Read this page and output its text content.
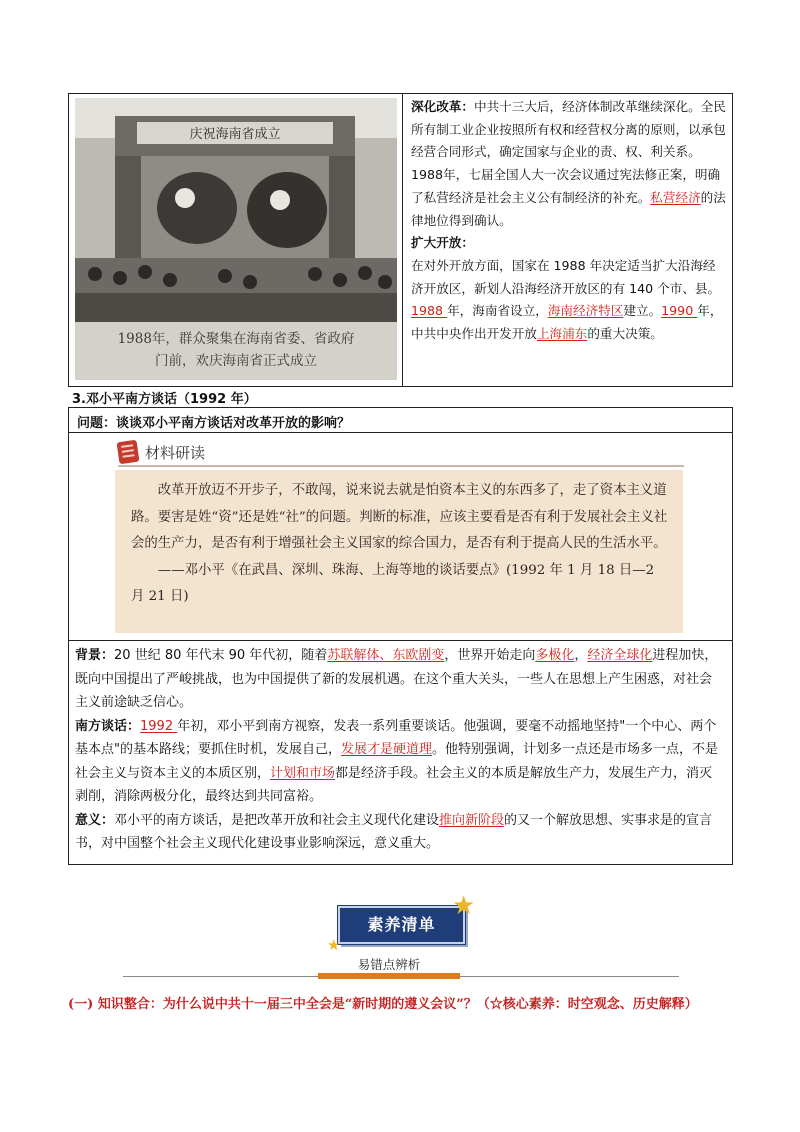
庆祝海南省成立
1988年，群众聚集在海南省委、省政府
门前，欢庆海南省正式成立
深化改革：中共十三大后，经济体制改革继续深化。全民所有制工业企业按照所有权和经营权分离的原则，以承包经营合同形式，确定国家与企业的责、权、利关系。1988年，七届全国人大一次会议通过宪法修正案，明确了私营经济是社会主义公有制经济的补充。私营经济的法律地位得到确认。
扩大开放：
在对外开放方面，国家在 1988 年决定适当扩大沿海经济开放区，新划人沿海经济开放区的有 140 个市、县。1988 年，海南省设立，海南经济特区建立。1990 年，中共中央作出开发开放上海浦东的重大决策。
3.邓小平南方谈话（1992 年）
问题：谈谈邓小平南方谈话对改革开放的影响？
材料研读

改革开放迈不开步子，不敢闯，说来说去就是怕资本主义的东西多了，走了资本主义道路。要害是姓“资”还是姓“社”的问题。判断的标准，应该主要看是否有利于发展社会主义社会的生产力，是否有利于增强社会主义国家的综合国力，是否有利于提高人民的生活水平。

——邓小平《在武昌、深圳、珠海、上海等地的谈话要点》(1992 年 1 月 18 日—2 月 21 日)

背景：20 世纪 80 年代末 90 年代初，随着苏联解体、东欧剧变，世界开始走向多极化，经济全球化进程加快，既向中国提出了严峻挑战，也为中国提供了新的发展机遇。在这个重大关头，一些人在思想上产生困惑，对社会主义前途缺乏信心。

南方谈话：1992 年初，邓小平到南方视察，发表一系列重要谈话。他强调，要毫不动摇地坚持"一个中心、两个基本点"的基本路线；要抓住时机，发展自己，发展才是硬道理。他特别强调，计划多一点还是市场多一点，不是社会主义与资本主义的本质区别，计划和市场都是经济手段。社会主义的本质是解放生产力，发展生产力，消灭剥削，消除两极分化，最终达到共同富裕。

意义：邓小平的南方谈话，是把改革开放和社会主义现代化建设推向新阶段的又一个解放思想、实事求是的宣言书，对中国整个社会主义现代化建设事业影响深远，意义重大。

素养清单
★
★
易错点辨析
(一) 知识整合：为什么说中共十一届三中全会是“新时期的遵义会议”？（☆核心素养：时空观念、历史解释）
